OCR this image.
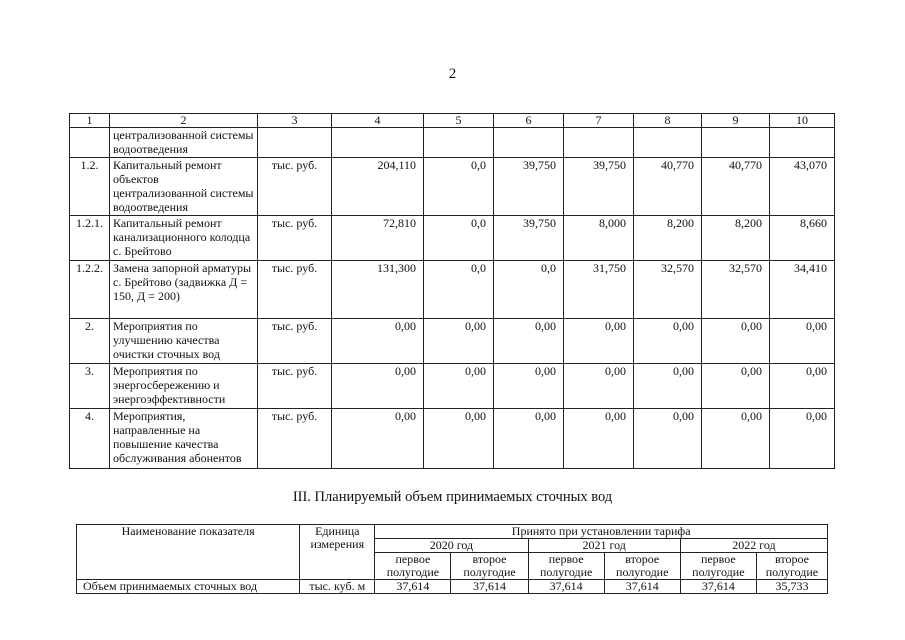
2
1	2	3	4	5	6	7	8	9	10
	централизованной системы водоотведения								
1.2.	Капитальный ремонт объектов централизованной системы водоотведения	тыс. руб.	204,110	0,0	39,750	39,750	40,770	40,770	43,070
1.2.1.	Капитальный ремонт канализационного колодца с. Брейтово	тыс. руб.	72,810	0,0	39,750	8,000	8,200	8,200	8,660
1.2.2.	Замена запорной арматуры с. Брейтово (задвижка Д = 150, Д = 200)	тыс. руб.	131,300	0,0	0,0	31,750	32,570	32,570	34,410
2.	Мероприятия по улучшению качества очистки сточных вод	тыс. руб.	0,00	0,00	0,00	0,00	0,00	0,00	0,00
3.	Мероприятия по энергосбережению и энергоэффективности	тыс. руб.	0,00	0,00	0,00	0,00	0,00	0,00	0,00
4.	Мероприятия, направленные на повышение качества обслуживания абонентов	тыс. руб.	0,00	0,00	0,00	0,00	0,00	0,00	0,00
III. Планируемый объем принимаемых сточных вод
Наименование показателя	Единица измерения	Принято при установлении тарифа					
		2020 год		2021 год		2022 год	
		первое полугодие	второе полугодие	первое полугодие	второе полугодие	первое полугодие	второе полугодие
Объем принимаемых сточных вод	тыс. куб. м	37,614	37,614	37,614	37,614	37,614	35,733
